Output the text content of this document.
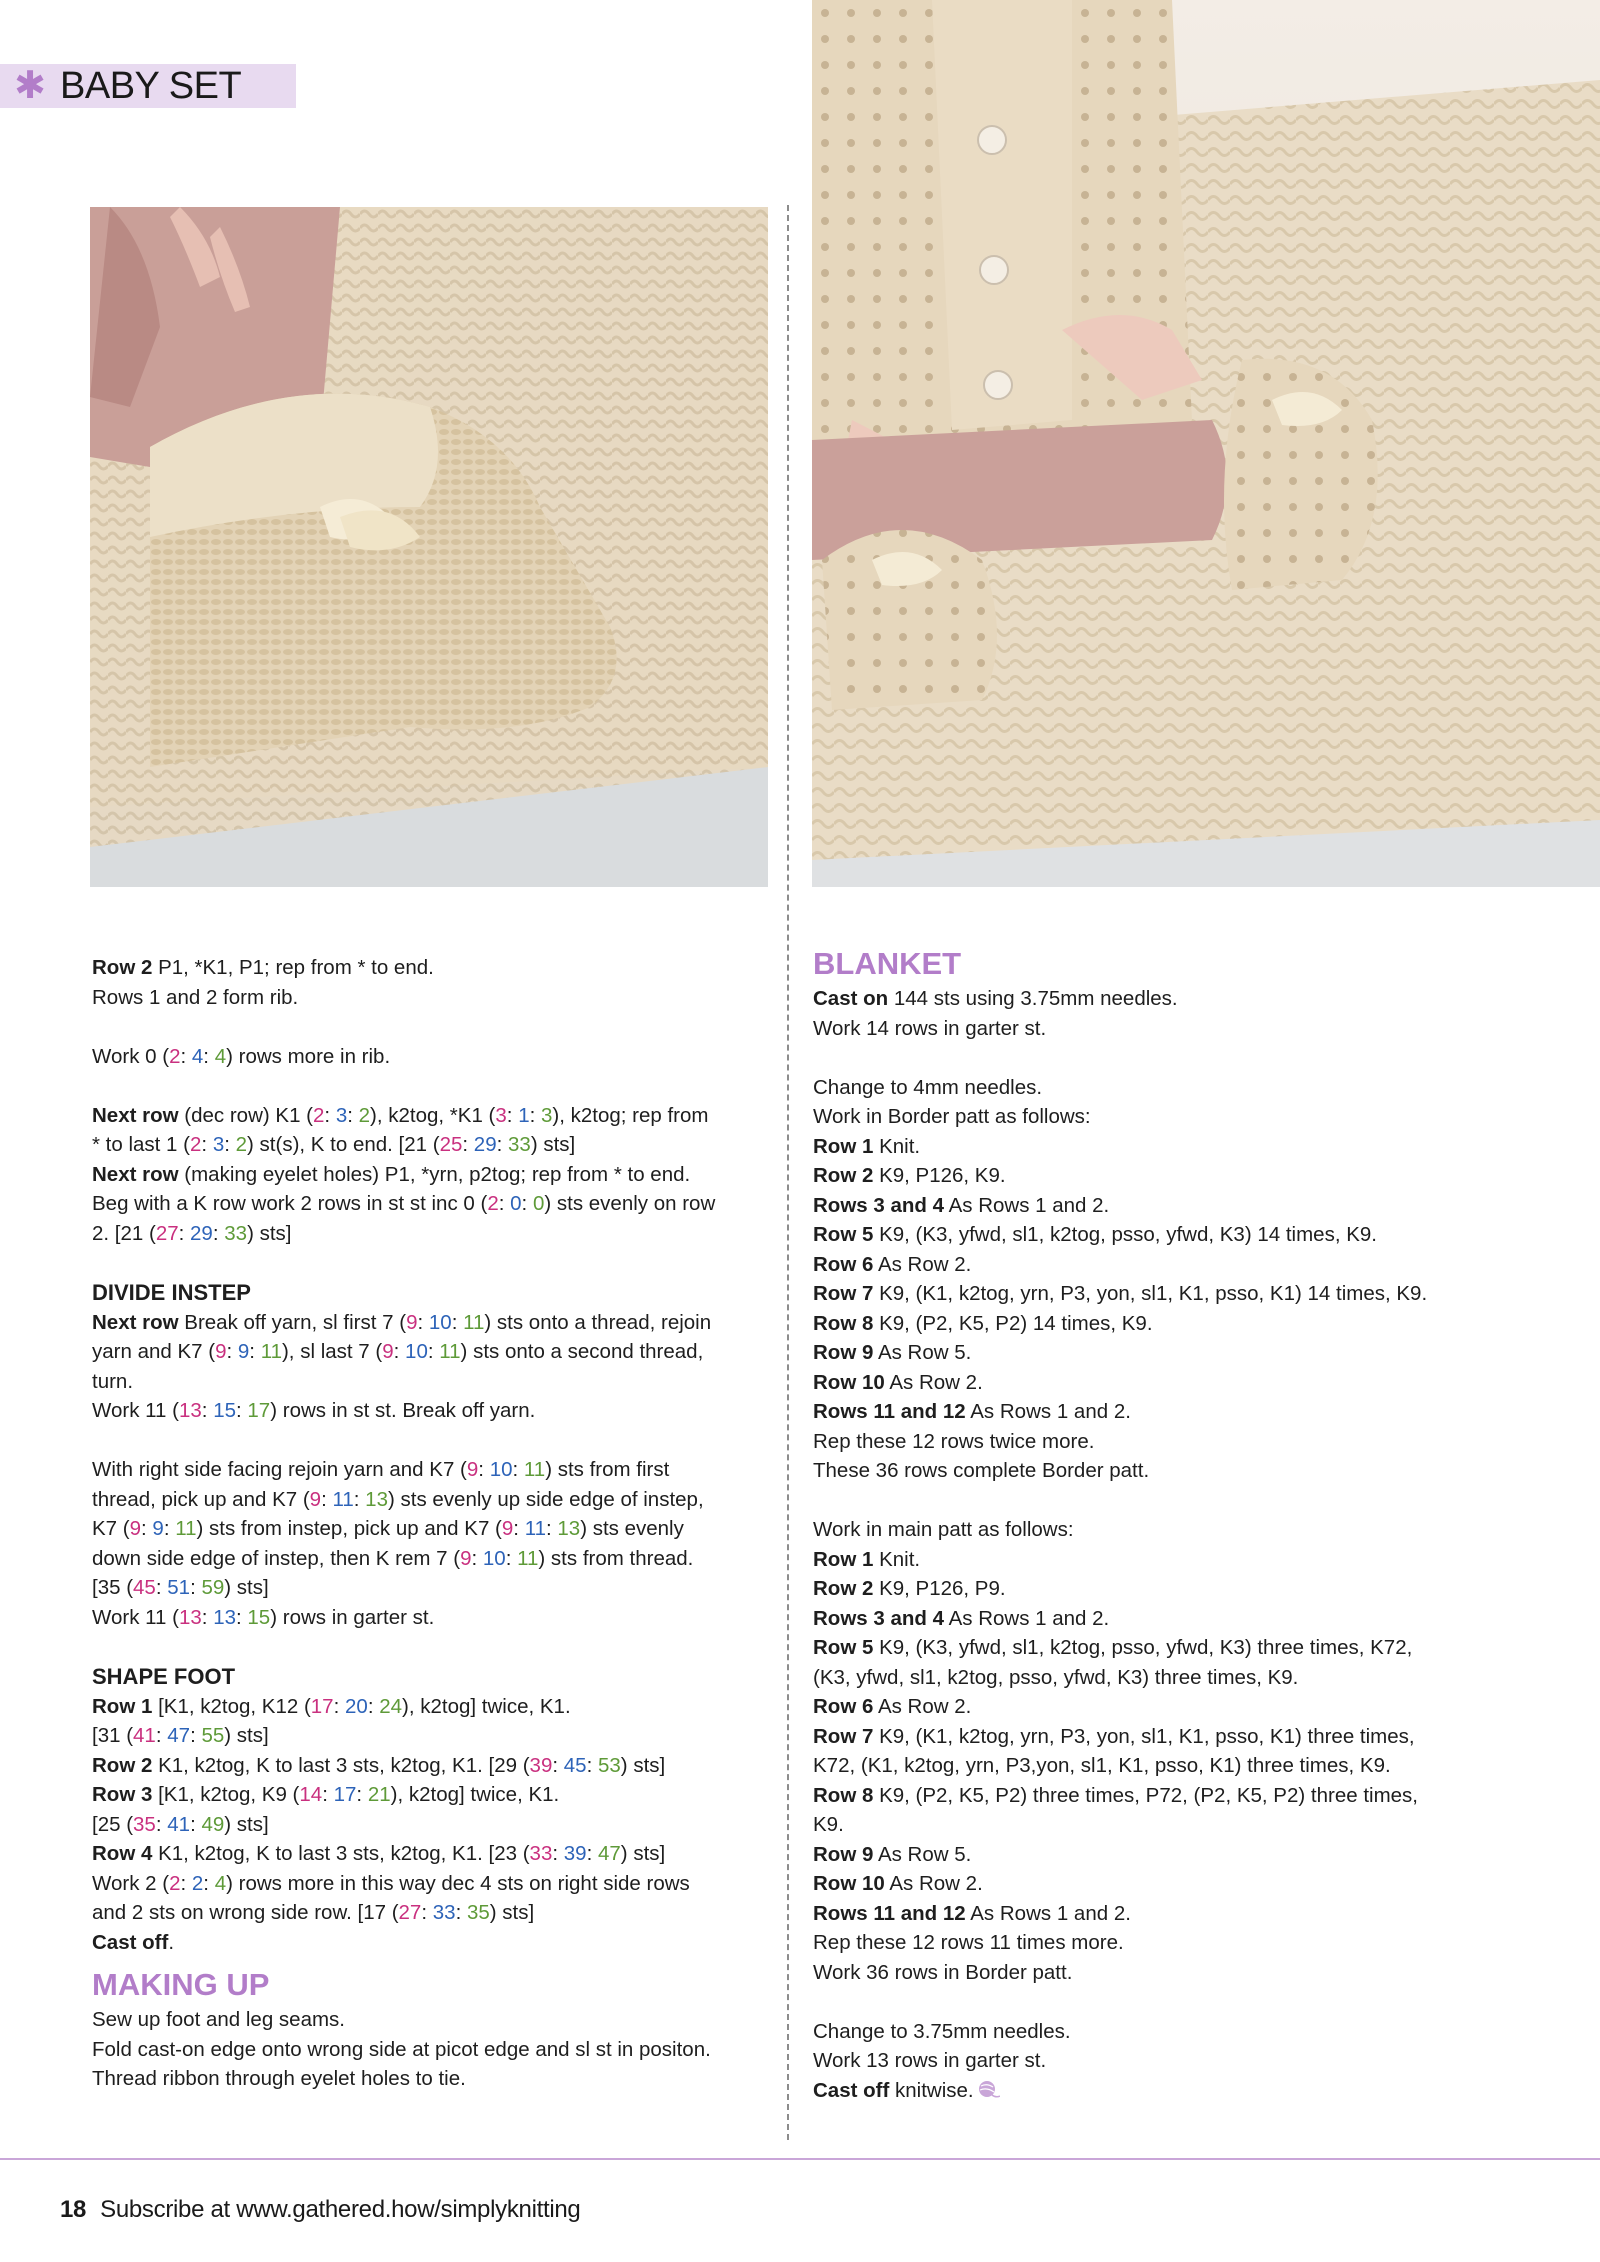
✱ BABY SET
Row 2 P1, *K1, P1; rep from * to end.
Rows 1 and 2 form rib.
Work 0 (2: 4: 4) rows more in rib.
Next row (dec row) K1 (2: 3: 2), k2tog, *K1 (3: 1: 3), k2tog; rep from
* to last 1 (2: 3: 2) st(s), K to end. [21 (25: 29: 33) sts]
Next row (making eyelet holes) P1, *yrn, p2tog; rep from * to end.
Beg with a K row work 2 rows in st st inc 0 (2: 0: 0) sts evenly on row
2. [21 (27: 29: 33) sts]
DIVIDE INSTEP
Next row Break off yarn, sl first 7 (9: 10: 11) sts onto a thread, rejoin
yarn and K7 (9: 9: 11), sl last 7 (9: 10: 11) sts onto a second thread,
turn.
Work 11 (13: 15: 17) rows in st st. Break off yarn.
With right side facing rejoin yarn and K7 (9: 10: 11) sts from first
thread, pick up and K7 (9: 11: 13) sts evenly up side edge of instep,
K7 (9: 9: 11) sts from instep, pick up and K7 (9: 11: 13) sts evenly
down side edge of instep, then K rem 7 (9: 10: 11) sts from thread.
[35 (45: 51: 59) sts]
Work 11 (13: 13: 15) rows in garter st.
SHAPE FOOT
Row 1 [K1, k2tog, K12 (17: 20: 24), k2tog] twice, K1.
[31 (41: 47: 55) sts]
Row 2 K1, k2tog, K to last 3 sts, k2tog, K1. [29 (39: 45: 53) sts]
Row 3 [K1, k2tog, K9 (14: 17: 21), k2tog] twice, K1.
[25 (35: 41: 49) sts]
Row 4 K1, k2tog, K to last 3 sts, k2tog, K1. [23 (33: 39: 47) sts]
Work 2 (2: 2: 4) rows more in this way dec 4 sts on right side rows
and 2 sts on wrong side row. [17 (27: 33: 35) sts]
Cast off.
MAKING UP
Sew up foot and leg seams.
Fold cast-on edge onto wrong side at picot edge and sl st in positon.
Thread ribbon through eyelet holes to tie.
BLANKET
Cast on 144 sts using 3.75mm needles.
Work 14 rows in garter st.
Change to 4mm needles.
Work in Border patt as follows:
Row 1 Knit.
Row 2 K9, P126, K9.
Rows 3 and 4 As Rows 1 and 2.
Row 5 K9, (K3, yfwd, sl1, k2tog, psso, yfwd, K3) 14 times, K9.
Row 6 As Row 2.
Row 7 K9, (K1, k2tog, yrn, P3, yon, sl1, K1, psso, K1) 14 times, K9.
Row 8 K9, (P2, K5, P2) 14 times, K9.
Row 9 As Row 5.
Row 10 As Row 2.
Rows 11 and 12 As Rows 1 and 2.
Rep these 12 rows twice more.
These 36 rows complete Border patt.
Work in main patt as follows:
Row 1 Knit.
Row 2 K9, P126, P9.
Rows 3 and 4 As Rows 1 and 2.
Row 5 K9, (K3, yfwd, sl1, k2tog, psso, yfwd, K3) three times, K72,
(K3, yfwd, sl1, k2tog, psso, yfwd, K3) three times, K9.
Row 6 As Row 2.
Row 7 K9, (K1, k2tog, yrn, P3, yon, sl1, K1, psso, K1) three times,
K72, (K1, k2tog, yrn, P3,yon, sl1, K1, psso, K1) three times, K9.
Row 8 K9, (P2, K5, P2) three times, P72, (P2, K5, P2) three times,
K9.
Row 9 As Row 5.
Row 10 As Row 2.
Rows 11 and 12 As Rows 1 and 2.
Rep these 12 rows 11 times more.
Work 36 rows in Border patt.
Change to 3.75mm needles.
Work 13 rows in garter st.
Cast off knitwise.
18 Subscribe at www.gathered.how/simplyknitting
